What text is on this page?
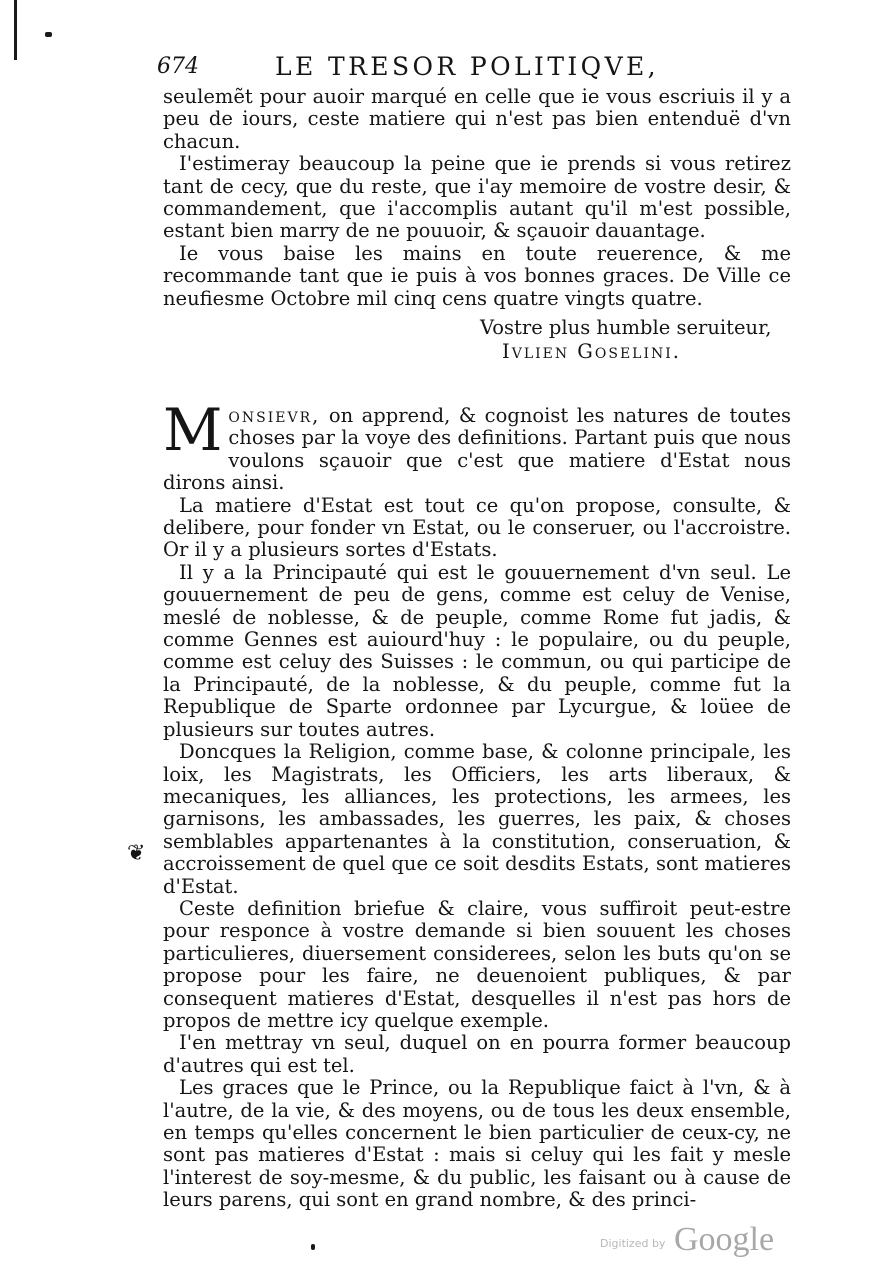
674	LE TRESOR POLITIQVE,

seulemẽt pour auoir marqué en celle que ie vous escriuis il y a peu de iours, ceste matiere qui n'est pas bien entenduë d'vn chacun.

I'estimeray beaucoup la peine que ie prends si vous retirez tant de cecy, que du reste, que i'ay memoire de vostre desir, & commandement, que i'accomplis autant qu'il m'est possible, estant bien marry de ne pouuoir, & sçauoir dauantage.

Ie vous baise les mains en toute reuerence, & me recommande tant que ie puis à vos bonnes graces. De Ville ce neufiesme Octobre mil cinq cens quatre vingts quatre.

Vostre plus humble seruiteur,
Ivlien Goselini.

Monsievr, on apprend, & cognoist les natures de toutes choses par la voye des definitions. Partant puis que nous voulons sçauoir que c'est que matiere d'Estat nous dirons ainsi.

La matiere d'Estat est tout ce qu'on propose, consulte, & delibere, pour fonder vn Estat, ou le conseruer, ou l'accroistre. Or il y a plusieurs sortes d'Estats.

Il y a la Principauté qui est le gouuernement d'vn seul. Le gouuernement de peu de gens, comme est celuy de Venise, meslé de noblesse, & de peuple, comme Rome fut jadis, & comme Gennes est auiourd'huy : le populaire, ou du peuple, comme est celuy des Suisses : le commun, ou qui participe de la Principauté, de la noblesse, & du peuple, comme fut la Republique de Sparte ordonnee par Lycurgue, & loüee de plusieurs sur toutes autres.

Doncques la Religion, comme base, & colonne principale, les loix, les Magistrats, les Officiers, les arts liberaux, & mecaniques, les alliances, les protections, les armees, les garnisons, les ambassades, les guerres, les paix, & choses semblables appartenantes à la constitution, conseruation, & accroissement de quel que ce soit desdits Estats, sont matieres d'Estat.

Ceste definition briefue & claire, vous suffiroit peut-estre pour responce à vostre demande si bien souuent les choses particulieres, diuersement considerees, selon les buts qu'on se propose pour les faire, ne deuenoient publiques, & par consequent matieres d'Estat, desquelles il n'est pas hors de propos de mettre icy quelque exemple.

I'en mettray vn seul, duquel on en pourra former beaucoup d'autres qui est tel.

Les graces que le Prince, ou la Republique faict à l'vn, & à l'autre, de la vie, & des moyens, ou de tous les deux ensemble, en temps qu'elles concernent le bien particulier de ceux-cy, ne sont pas matieres d'Estat : mais si celuy qui les fait y mesle l'interest de soy-mesme, & du public, les faisant ou à cause de leurs parens, qui sont en grand nombre, & des princi-

❦
Digitized by Google
